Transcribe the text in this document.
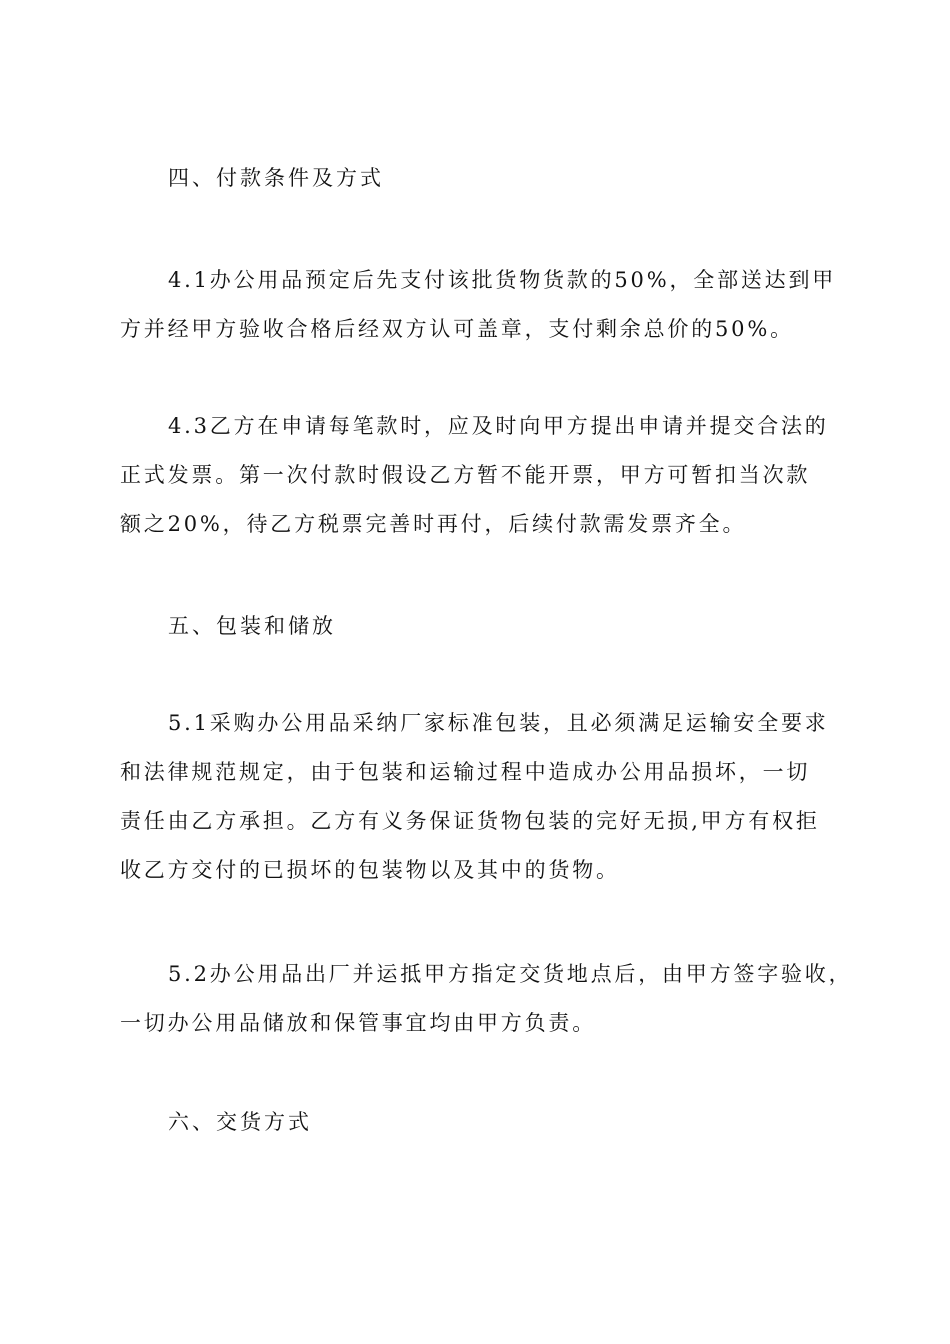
四、付款条件及方式
4.1办公用品预定后先支付该批货物货款的50%，全部送达到甲
方并经甲方验收合格后经双方认可盖章，支付剩余总价的50%。
4.3乙方在申请每笔款时，应及时向甲方提出申请并提交合法的
正式发票。第一次付款时假设乙方暂不能开票，甲方可暂扣当次款
额之20%，待乙方税票完善时再付，后续付款需发票齐全。
五、包装和储放
5.1采购办公用品采纳厂家标准包装，且必须满足运输安全要求
和法律规范规定，由于包装和运输过程中造成办公用品损坏，一切
责任由乙方承担。乙方有义务保证货物包装的完好无损,甲方有权拒
收乙方交付的已损坏的包装物以及其中的货物。
5.2办公用品出厂并运抵甲方指定交货地点后，由甲方签字验收，
一切办公用品储放和保管事宜均由甲方负责。
六、交货方式
